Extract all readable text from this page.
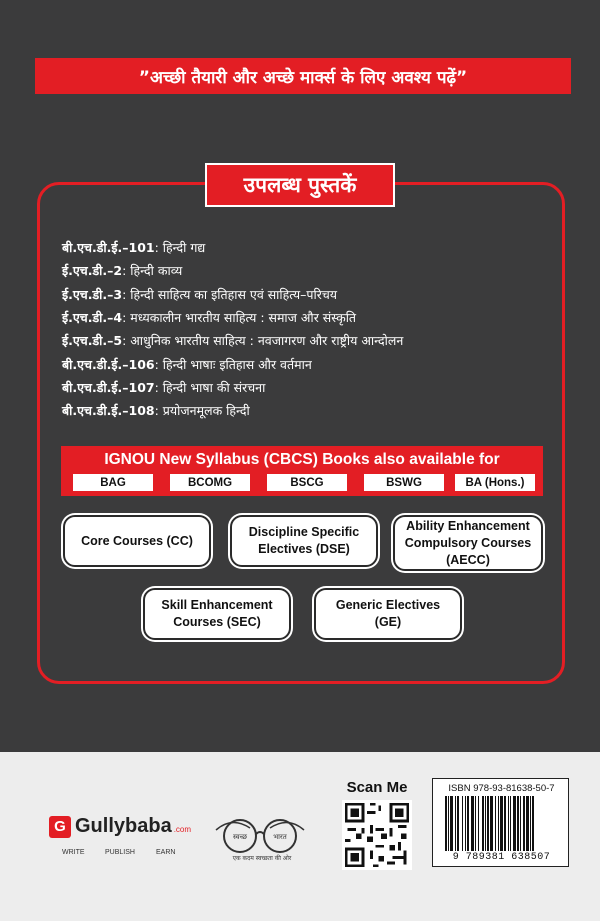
”अच्छी तैयारी और अच्छे मार्क्स के लिए अवश्य पढ़ें”
उपलब्ध पुस्तकें
बी.एच.डी.ई.–101 : हिन्दी गद्य
ई.एच.डी.–2 : हिन्दी काव्य
ई.एच.डी.–3 : हिन्दी साहित्य का इतिहास एवं साहित्य–परिचय
ई.एच.डी.–4 : मध्यकालीन भारतीय साहित्य : समाज और संस्कृति
ई.एच.डी.–5 : आधुनिक भारतीय साहित्य : नवजागरण और राष्ट्रीय आन्दोलन
बी.एच.डी.ई.–106 : हिन्दी भाषाः इतिहास और वर्तमान
बी.एच.डी.ई.–107 : हिन्दी भाषा की संरचना
बी.एच.डी.ई.–108 : प्रयोजनमूलक हिन्दी
IGNOU New Syllabus (CBCS) Books also available for
BAG	BCOMG	BSCG	BSWG	BA (Hons.)
Core Courses (CC)
Discipline Specific
Electives (DSE)
Ability Enhancement
Compulsory Courses
(AECC)
Skill Enhancement
Courses (SEC)
Generic Electives
(GE)
G Gullybaba .com
WRITE	PUBLISH	EARN
स्वच्छ	भारत
एक कदम स्वच्छता की ओर
Scan Me	ISBN 978-93-81638-50-7
9 789381 638507
